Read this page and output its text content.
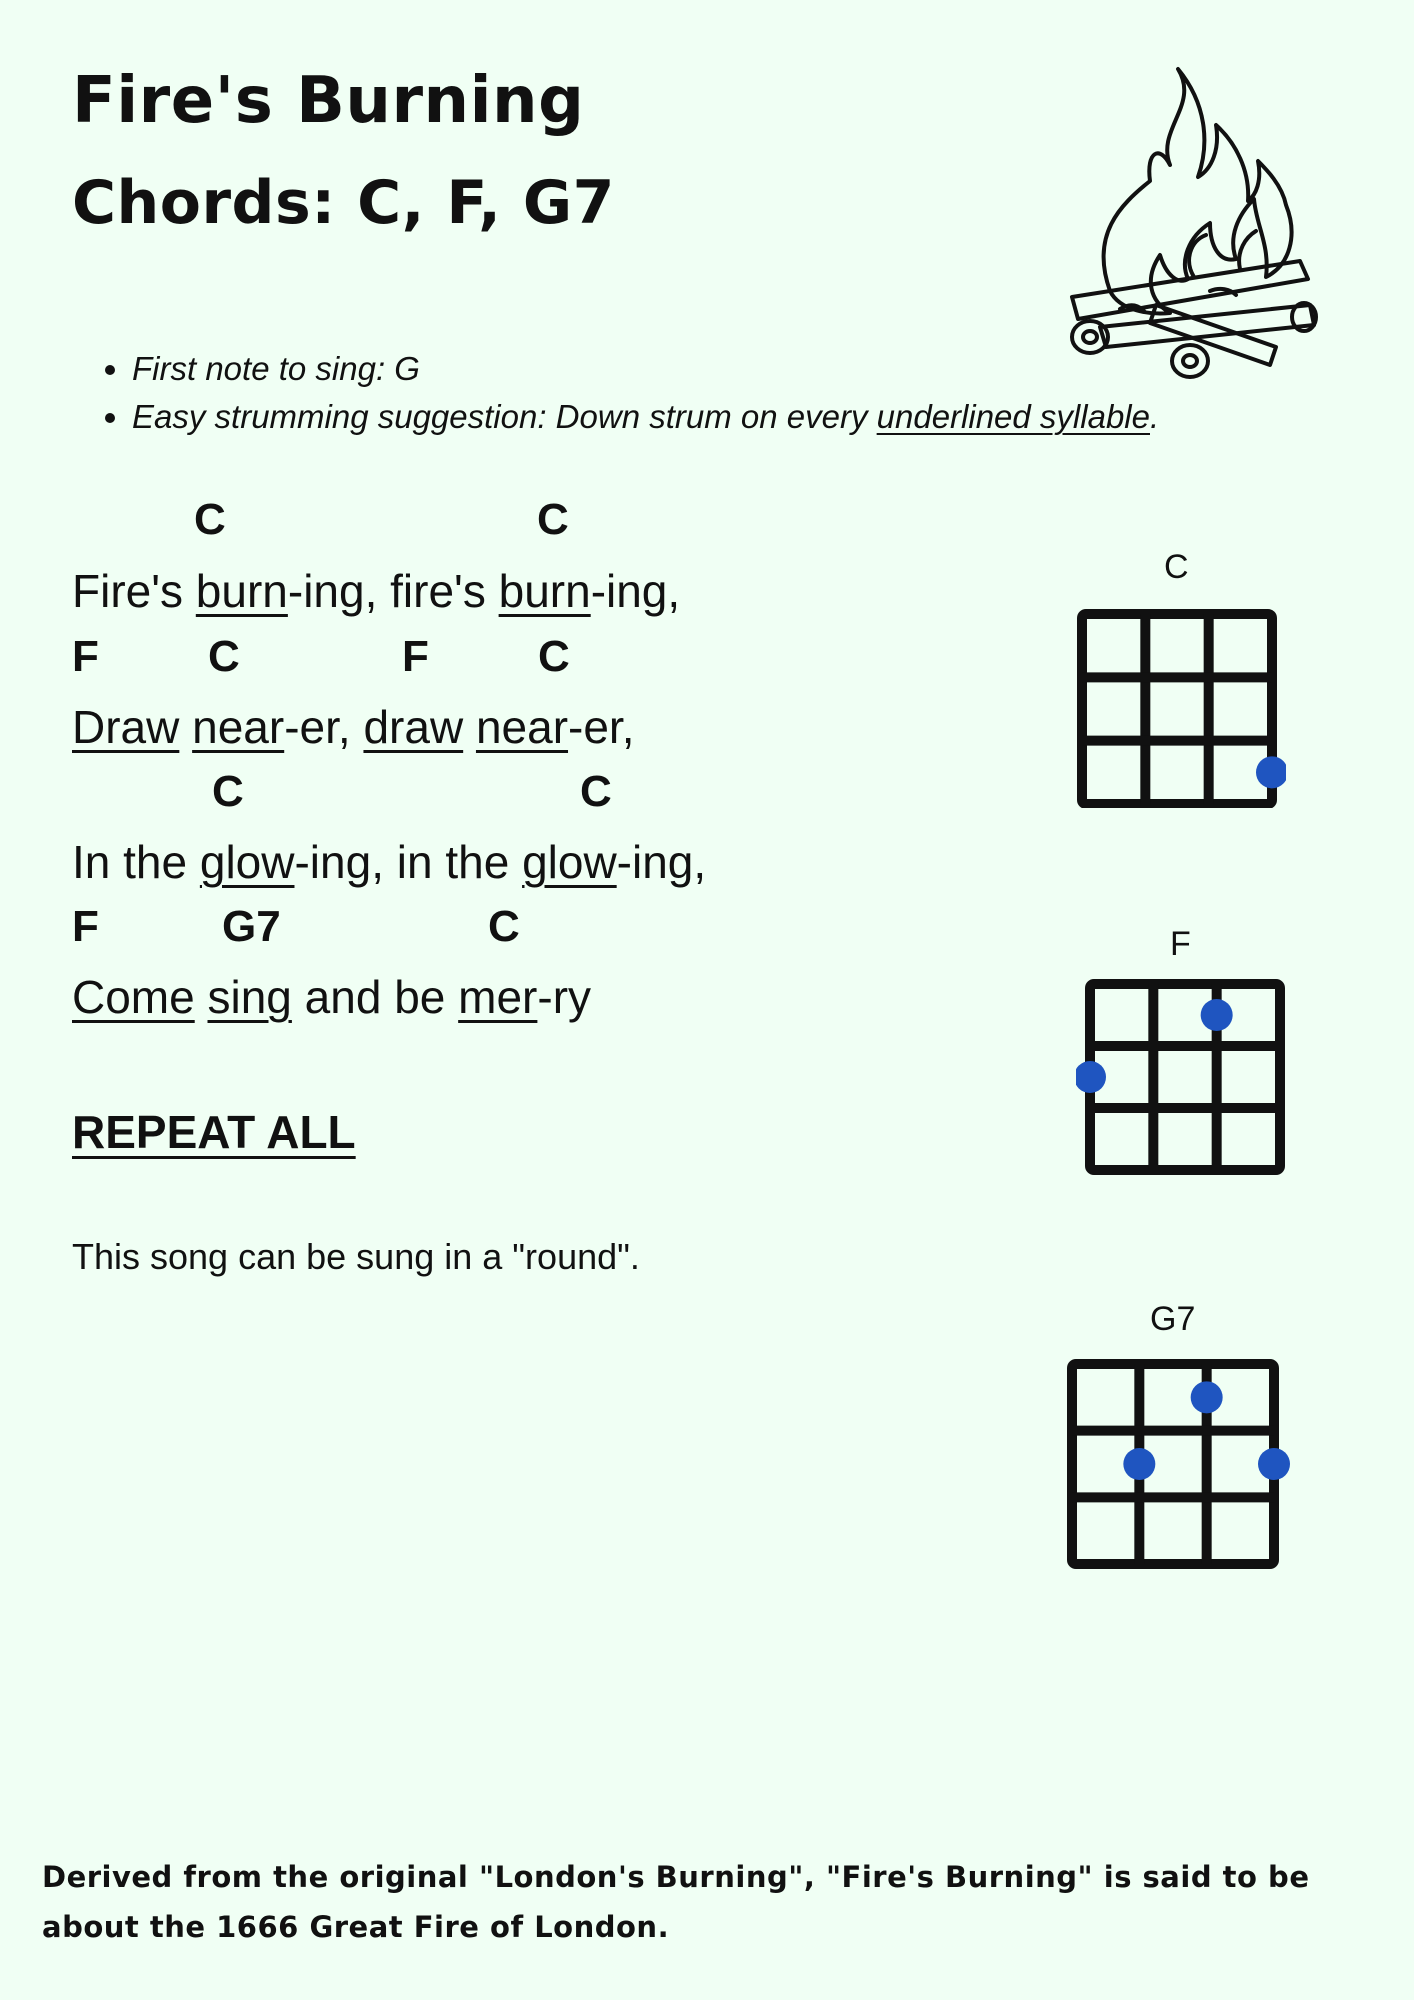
Fire's Burning
Chords: C, F, G7
• First note to sing: G
• Easy strumming suggestion: Down strum on every underlined syllable.
C	C
Fire's burn-ing, fire's burn-ing,
F C	F C
Draw near-er, draw near-er,
C	C
In the glow-ing, in the glow-ing,
F	G7	C
Come sing and be mer-ry
REPEAT ALL
This song can be sung in a "round".
C
F
G7
Derived from the original "London's Burning", "Fire's Burning" is said to be about the 1666 Great Fire of London.
